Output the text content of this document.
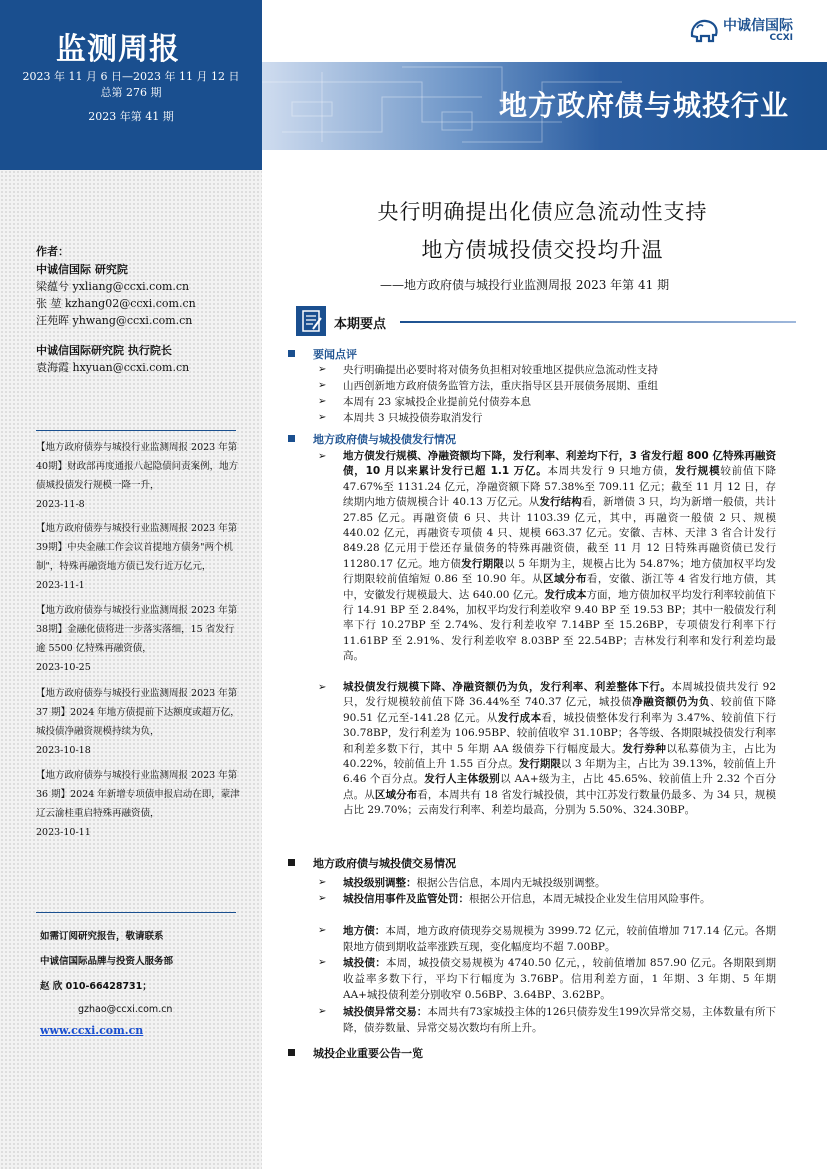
监测周报
2023 年 11 月 6 日—2023 年 11 月 12 日
总第 276 期
2023 年第 41 期
中诚信国际
CCXI
地方政府债与城投行业
作者：
中诚信国际 研究院
梁蕴兮 yxliang@ccxi.com.cn
张 堃 kzhang02@ccxi.com.cn
汪苑晖 yhwang@ccxi.com.cn
中诚信国际研究院 执行院长
袁海霞 hxyuan@ccxi.com.cn
【地方政府债券与城投行业监测周报 2023 年第40期】财政部再度通报八起隐债问责案例，地方债城投债发行规模一降一升，
2023-11-8
【地方政府债券与城投行业监测周报 2023 年第39期】中央金融工作会议首提地方债务"两个机制"，特殊再融资地方债已发行近万亿元，
2023-11-1
【地方政府债券与城投行业监测周报 2023 年第38期】金融化债将进一步落实落细，15 省发行逾 5500 亿特殊再融资债，
2023-10-25
【地方政府债券与城投行业监测周报 2023 年第 37 期】2024 年地方债提前下达额度或超万亿，城投债净融资规模持续为负，
2023-10-18
【地方政府债券与城投行业监测周报 2023 年第 36 期】2024 年新增专项债申报启动在即，蒙津辽云渝桂重启特殊再融资债，
2023-10-11
如需订阅研究报告，敬请联系
中诚信国际品牌与投资人服务部
赵 欣 010-66428731；
gzhao@ccxi.com.cn
www.ccxi.com.cn
央行明确提出化债应急流动性支持
地方债城投债交投均升温
——地方政府债与城投行业监测周报 2023 年第 41 期
本期要点
要闻点评
➢ 央行明确提出必要时将对债务负担相对较重地区提供应急流动性支持
➢ 山西创新地方政府债务监管方法，重庆指导区县开展债务展期、重组
➢ 本周有 23 家城投企业提前兑付债券本息
➢ 本周共 3 只城投债券取消发行
地方政府债与城投债发行情况
➢ 地方债发行规模、净融资额均下降，发行利率、利差均下行，3 省发行超 800 亿特殊再融资债，10 月以来累计发行已超 1.1 万亿。本周共发行 9 只地方债，发行规模较前值下降 47.67%至 1131.24 亿元，净融资额下降 57.38%至 709.11 亿元；截至 11 月 12 日，存续期内地方债规模合计 40.13 万亿元。从发行结构看，新增债 3 只，均为新增一般债，共计 27.85 亿元。再融资债 6 只、共计 1103.39 亿元，其中，再融资一般债 2 只、规模 440.02 亿元，再融资专项债 4 只、规模 663.37 亿元。安徽、吉林、天津 3 省合计发行 849.28 亿元用于偿还存量债务的特殊再融资债，截至 11 月 12 日特殊再融资债已发行 11280.17 亿元。地方债发行期限以 5 年期为主，规模占比为 54.87%；地方债加权平均发行期限较前值缩短 0.86 至 10.90 年。从区域分布看，安徽、浙江等 4 省发行地方债，其中，安徽发行规模最大、达 640.00 亿元。发行成本方面，地方债加权平均发行利率较前值下行 14.91 BP 至 2.84%，加权平均发行利差收窄 9.40 BP 至 19.53 BP；其中一般债发行利率下行 10.27BP 至 2.74%、发行利差收窄 7.14BP 至 15.26BP，专项债发行利率下行 11.61BP 至 2.91%、发行利差收窄 8.03BP 至 22.54BP；吉林发行利率和发行利差均最高。
➢ 城投债发行规模下降、净融资额仍为负，发行利率、利差整体下行。本周城投债共发行 92 只，发行规模较前值下降 36.44%至 740.37 亿元，城投债净融资额仍为负、较前值下降 90.51 亿元至-141.28 亿元。从发行成本看，城投债整体发行利率为 3.47%、较前值下行 30.78BP，发行利差为 106.95BP、较前值收窄 31.10BP；各等级、各期限城投债发行利率和利差多数下行，其中 5 年期 AA 级债券下行幅度最大。发行券种以私募债为主，占比为 40.22%，较前值上升 1.55 百分点。发行期限以 3 年期为主，占比为 39.13%，较前值上升 6.46 个百分点。发行人主体级别以 AA+级为主，占比 45.65%、较前值上升 2.32 个百分点。从区域分布看，本周共有 18 省发行城投债，其中江苏发行数量仍最多、为 34 只，规模占比 29.70%；云南发行利率、利差均最高，分别为 5.50%、324.30BP。
地方政府债与城投债交易情况
➢ 城投级别调整：根据公告信息，本周内无城投级别调整。
➢ 城投信用事件及监管处罚：根据公开信息，本周无城投企业发生信用风险事件。
➢ 地方债：本周，地方政府债现券交易规模为 3999.72 亿元，较前值增加 717.14 亿元。各期限地方债到期收益率涨跌互现，变化幅度均不超 7.00BP。
➢ 城投债：本周，城投债交易规模为 4740.50 亿元，，较前值增加 857.90 亿元。各期限到期收益率多数下行，平均下行幅度为 3.76BP。信用利差方面，1 年期、3 年期、5 年期 AA+城投债利差分别收窄 0.56BP、3.64BP、3.62BP。
➢ 城投债异常交易：本周共有73家城投主体的126只债券发生199次异常交易，主体数量有所下降，债券数量、异常交易次数均有所上升。
城投企业重要公告一览
